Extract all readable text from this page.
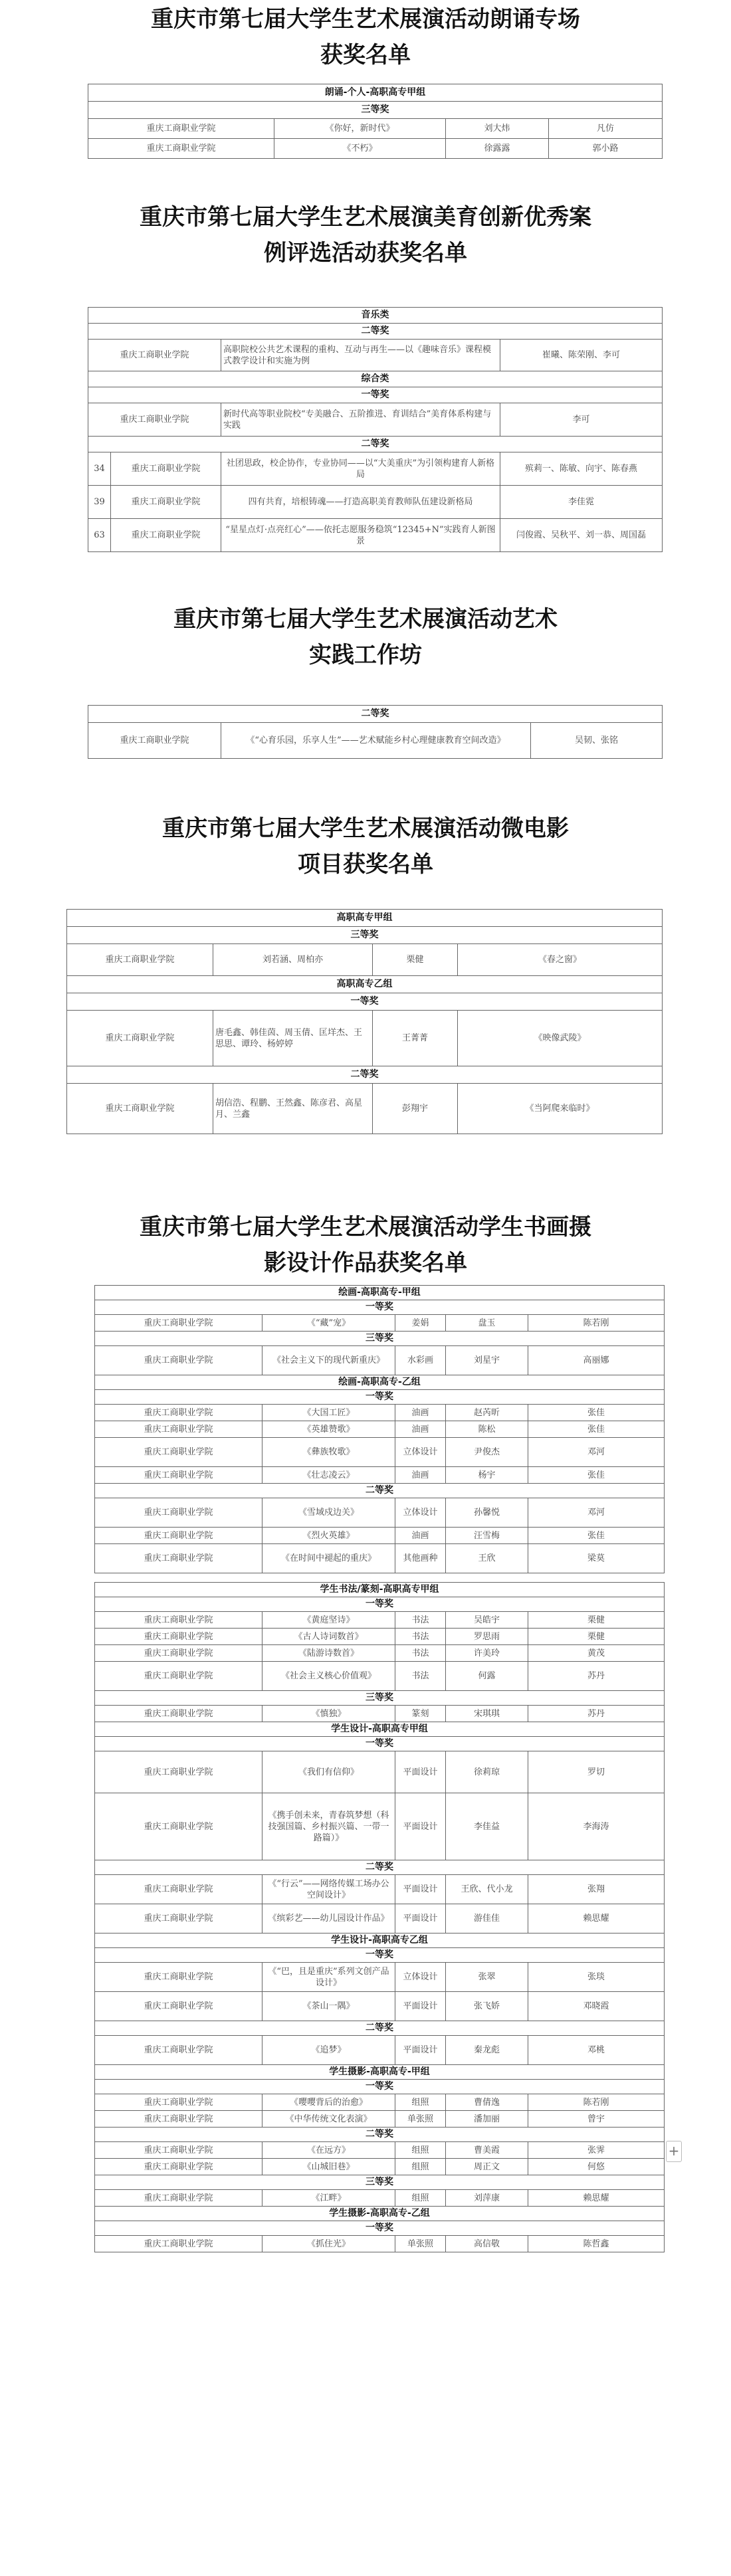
重庆市第七届大学生艺术展演活动朗诵专场
获奖名单
朗诵-个人-高职高专甲组			
三等奖			
重庆工商职业学院	《你好，新时代》	刘大炜	凡仿
重庆工商职业学院	《不朽》	徐露露	郭小路
重庆市第七届大学生艺术展演美育创新优秀案
例评选活动获奖名单
音乐类			
二等奖			
重庆工商职业学院		高职院校公共艺术课程的重构、互动与再生——以《趣味音乐》课程模式教学设计和实施为例	崔曦、陈荣刚、李可
综合类			
一等奖			
重庆工商职业学院		新时代高等职业院校“专美融合、五阶推进、育训结合”美育体系构建与实践	李可
二等奖			
34	重庆工商职业学院	社团思政，校企协作，专业协同——以“大美重庆”为引领构建育人新格局	殡莉一、陈敏、向宇、陈春燕
39	重庆工商职业学院	四有共育，培根铸魂——打造高职美育教师队伍建设新格局	李佳霓
63	重庆工商职业学院	“星星点灯·点亮红心”——依托志愿服务稳筑“12345+N”实践育人新图景	闫俊霞、吴秋平、刘一恭、周国磊
重庆市第七届大学生艺术展演活动艺术
实践工作坊
二等奖
重庆工商职业学院	《“心育乐园，乐享人生”——艺术赋能乡村心理健康教育空间改造》	吴韧、张铭
重庆市第七届大学生艺术展演活动微电影
项目获奖名单
高职高专甲组			
三等奖			
重庆工商职业学院	刘若涵、周柏亦	栗健	《春之窗》
高职高专乙组			
一等奖			
重庆工商职业学院	唐毛鑫、韩佳茵、周玉倩、匡垟杰、王思思、谭玲、杨婷婷	王菁菁	《映像武陵》
二等奖			
重庆工商职业学院	胡信浩、程鹏、王然鑫、陈彦君、高星月、兰鑫	彭翔宇	《当阿爬来临时》
重庆市第七届大学生艺术展演活动学生书画摄
影设计作品获奖名单
绘画-高职高专-甲组				
一等奖				
重庆工商职业学院	《“藏”宠》	姜娟	盘玉	陈若刚
三等奖				
重庆工商职业学院	《社会主义下的现代新重庆》	水彩画	刘星宇	高丽娜
绘画-高职高专-乙组				
一等奖				
重庆工商职业学院	《大国工匠》	油画	赵芮昕	张佳
重庆工商职业学院	《英雄赞歌》	油画	陈松	张佳
重庆工商职业学院	《彝族牧歌》	立体设计	尹俊杰	邓河
重庆工商职业学院	《壮志凌云》	油画	杨宇	张佳
二等奖				
重庆工商职业学院	《雪域戍边关》	立体设计	孙馨悦	邓河
重庆工商职业学院	《烈火英雄》	油画	汪雪梅	张佳
重庆工商职业学院	《在时间中褪起的重庆》	其他画种	王欣	梁莫

学生书法/篆刻-高职高专甲组				
一等奖				
重庆工商职业学院	《黄庭坚诗》	书法	吴皓宇	栗健
重庆工商职业学院	《古人诗词数首》	书法	罗思雨	栗健
重庆工商职业学院	《陆游诗数首》	书法	许美玲	黄茂
重庆工商职业学院	《社会主义核心价值观》	书法	何露	苏丹
三等奖				
重庆工商职业学院	《慎独》	篆刻	宋琪琪	苏丹
学生设计-高职高专甲组				
一等奖				
重庆工商职业学院	《我们有信仰》	平面设计	徐莉琼	罗切
重庆工商职业学院	《携手创未来，青春筑梦想（科技强国篇、乡村振兴篇、一带一路篇）》	平面设计	李佳益	李海涛
二等奖				
重庆工商职业学院	《“行云”——网络传媒工场办公空间设计》	平面设计	王欣、代小龙	张翔
重庆工商职业学院	《缤彩艺——幼儿园设计作品》	平面设计	游佳佳	赖思耀
学生设计-高职高专乙组				
一等奖				
重庆工商职业学院	《“巴，且是重庆”系列文创产品设计》	立体设计	张翠	张琰
重庆工商职业学院	《茶山一隅》	平面设计	张飞娇	邓晓霞
二等奖				
重庆工商职业学院	《追梦》	平面设计	秦龙彪	邓桃
学生摄影-高职高专-甲组				
一等奖				
重庆工商职业学院	《嘤嘤背后的治愈》	组照	曹倩逸	陈若刚
重庆工商职业学院	《中华传统文化表演》	单张照	潘加丽	曾宇
二等奖				
重庆工商职业学院	《在远方》	组照	曹美霞	张霁
重庆工商职业学院	《山城旧巷》	组照	周正文	何悠
三等奖				
重庆工商职业学院	《江畔》	组照	刘萍康	赖思耀
学生摄影-高职高专-乙组				
一等奖				
重庆工商职业学院	《抓住光》	单张照	高信敬	陈哲鑫
+
